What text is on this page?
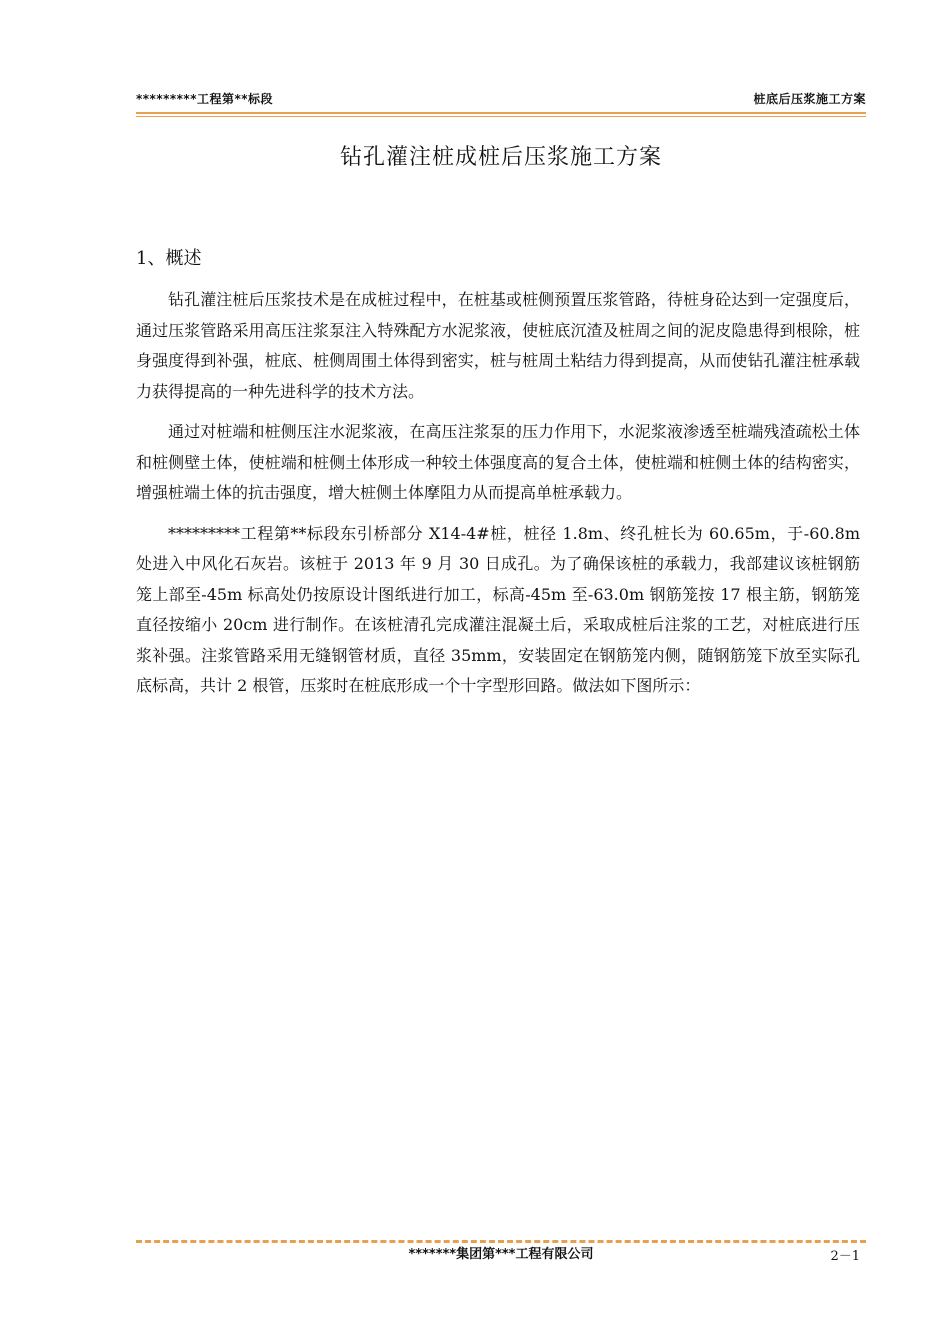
*********工程第**标段	桩底后压浆施工方案
钻孔灌注桩成桩后压浆施工方案
1、概述

钻孔灌注桩后压浆技术是在成桩过程中，在桩基或桩侧预置压浆管路，待桩身砼达到一定强度后，通过压浆管路采用高压注浆泵注入特殊配方水泥浆液，使桩底沉渣及桩周之间的泥皮隐患得到根除，桩身强度得到补强，桩底、桩侧周围土体得到密实，桩与桩周土粘结力得到提高，从而使钻孔灌注桩承载力获得提高的一种先进科学的技术方法。

通过对桩端和桩侧压注水泥浆液，在高压注浆泵的压力作用下，水泥浆液渗透至桩端残渣疏松土体和桩侧壁土体，使桩端和桩侧土体形成一种较土体强度高的复合土体，使桩端和桩侧土体的结构密实，增强桩端土体的抗击强度，增大桩侧土体摩阻力从而提高单桩承载力。

*********工程第**标段东引桥部分 X14-4#桩，桩径 1.8m、终孔桩长为 60.65m，于-60.8m 处进入中风化石灰岩。该桩于 2013 年 9 月 30 日成孔。为了确保该桩的承载力，我部建议该桩钢筋笼上部至-45m 标高处仍按原设计图纸进行加工，标高-45m 至-63.0m 钢筋笼按 17 根主筋，钢筋笼直径按缩小 20cm 进行制作。在该桩清孔完成灌注混凝土后，采取成桩后注浆的工艺，对桩底进行压浆补强。注浆管路采用无缝钢管材质，直径 35mm，安装固定在钢筋笼内侧，随钢筋笼下放至实际孔底标高，共计 2 根管，压浆时在桩底形成一个十字型形回路。做法如下图所示：

*******集团第***工程有限公司	2－1
